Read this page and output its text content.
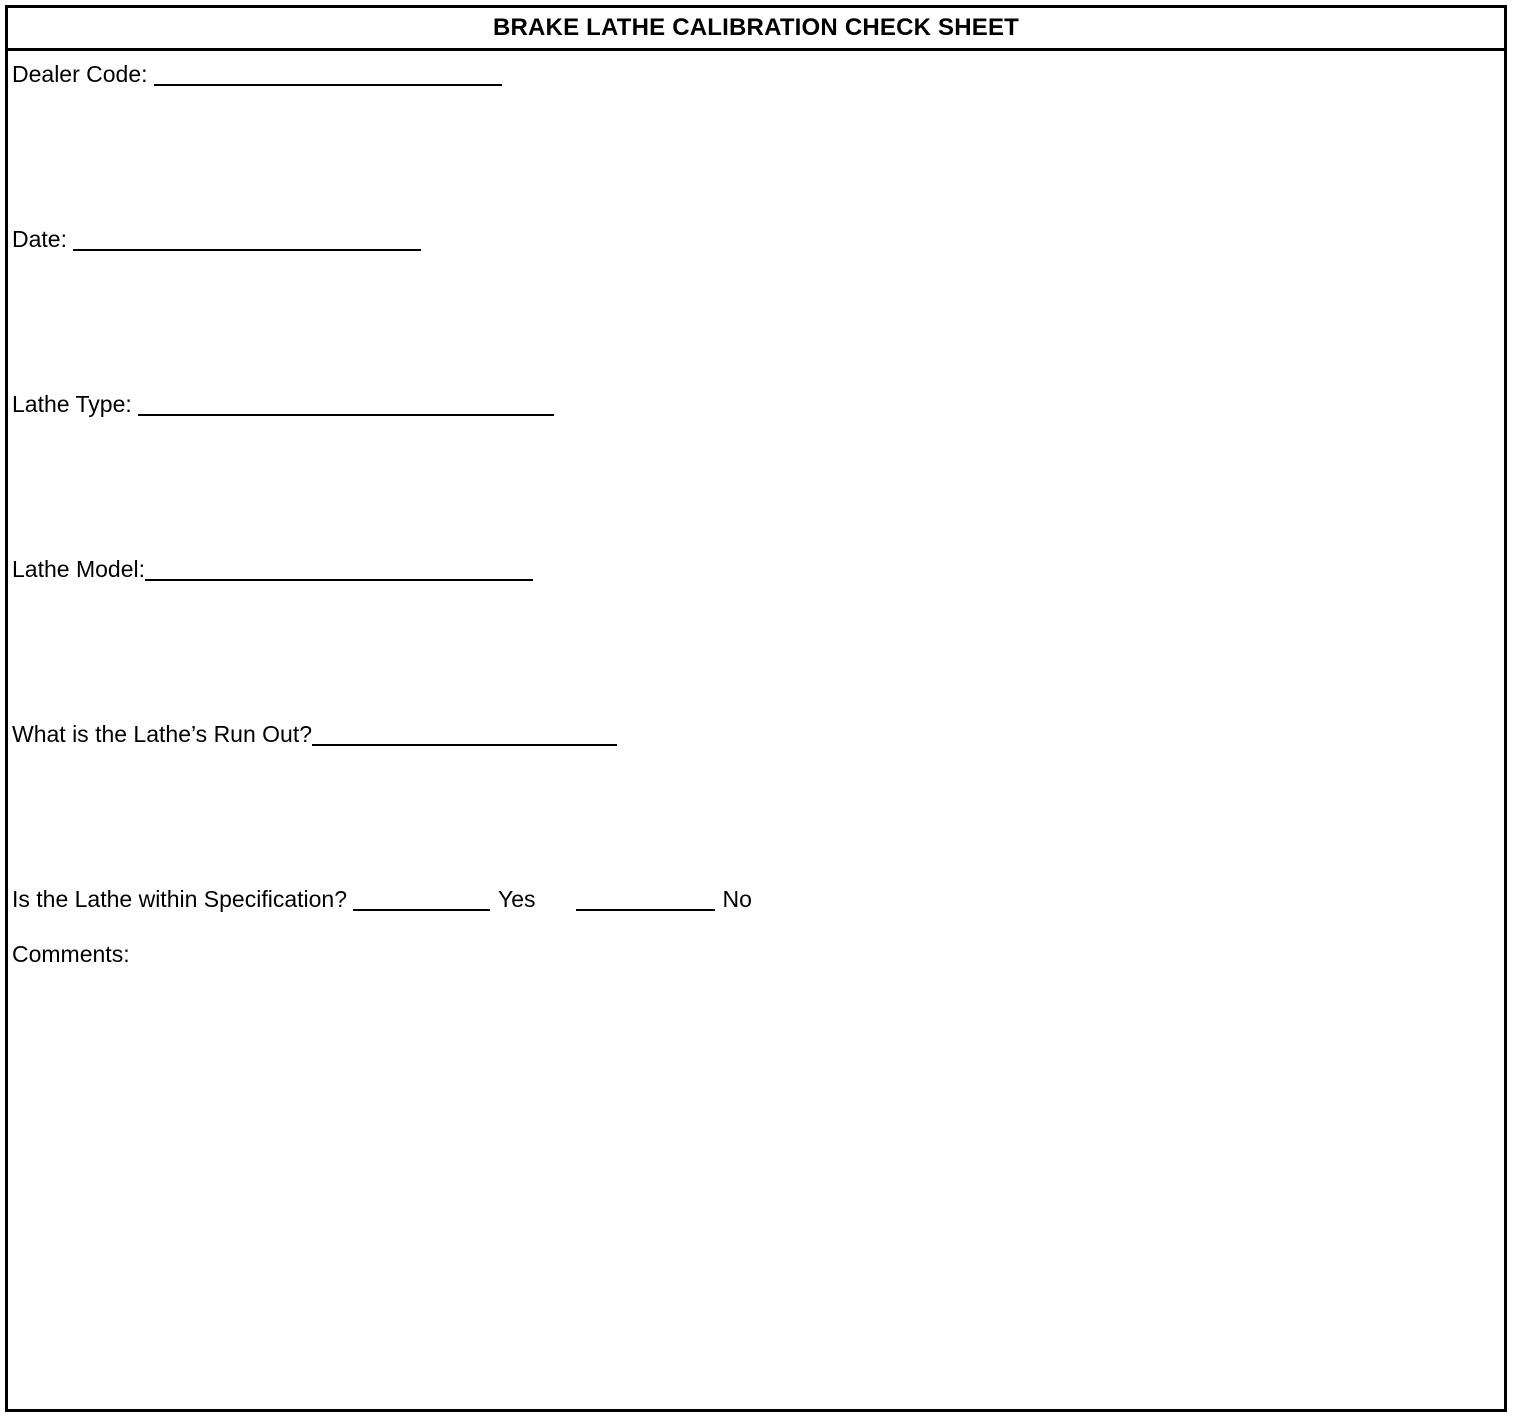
BRAKE LATHE CALIBRATION CHECK SHEET
Dealer Code:
Date:
Lathe Type:
Lathe Model:
What is the Lathe’s Run Out?
Is the Lathe within Specification?	Yes	No
Comments:
